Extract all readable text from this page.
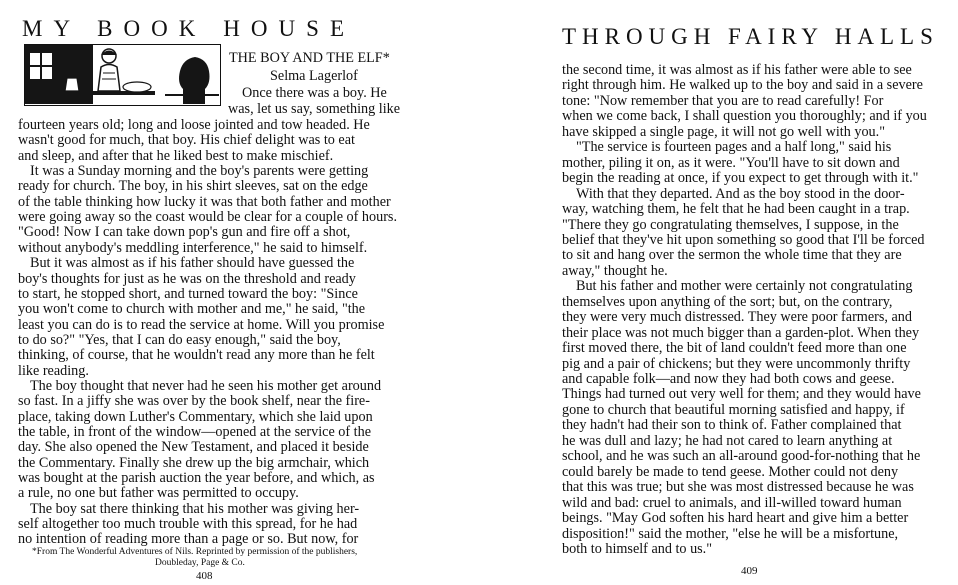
MY BOOK HOUSE
THE BOY AND THE ELF*
Selma Lagerlof
Once there was a boy. He
was, let us say, something like
fourteen years old; long and loose jointed and tow headed. He
wasn't good for much, that boy. His chief delight was to eat
and sleep, and after that he liked best to make mischief.
It was a Sunday morning and the boy's parents were getting
ready for church. The boy, in his shirt sleeves, sat on the edge
of the table thinking how lucky it was that both father and mother
were going away so the coast would be clear for a couple of hours.
"Good! Now I can take down pop's gun and fire off a shot,
without anybody's meddling interference," he said to himself.
But it was almost as if his father should have guessed the
boy's thoughts for just as he was on the threshold and ready
to start, he stopped short, and turned toward the boy: "Since
you won't come to church with mother and me," he said, "the
least you can do is to read the service at home. Will you promise
to do so?" "Yes, that I can do easy enough," said the boy,
thinking, of course, that he wouldn't read any more than he felt
like reading.
The boy thought that never had he seen his mother get around
so fast. In a jiffy she was over by the book shelf, near the fire-
place, taking down Luther's Commentary, which she laid upon
the table, in front of the window—opened at the service of the
day. She also opened the New Testament, and placed it beside
the Commentary. Finally she drew up the big armchair, which
was bought at the parish auction the year before, and which, as
a rule, no one but father was permitted to occupy.
The boy sat there thinking that his mother was giving her-
self altogether too much trouble with this spread, for he had
no intention of reading more than a page or so. But now, for
*From The Wonderful Adventures of Nils. Reprinted by permission of the publishers,
Doubleday, Page & Co.
408
THROUGH FAIRY HALLS
the second time, it was almost as if his father were able to see
right through him. He walked up to the boy and said in a severe
tone: "Now remember that you are to read carefully! For
when we come back, I shall question you thoroughly; and if you
have skipped a single page, it will not go well with you."
"The service is fourteen pages and a half long," said his
mother, piling it on, as it were. "You'll have to sit down and
begin the reading at once, if you expect to get through with it."
With that they departed. And as the boy stood in the door-
way, watching them, he felt that he had been caught in a trap.
"There they go congratulating themselves, I suppose, in the
belief that they've hit upon something so good that I'll be forced
to sit and hang over the sermon the whole time that they are
away," thought he.
But his father and mother were certainly not congratulating
themselves upon anything of the sort; but, on the contrary,
they were very much distressed. They were poor farmers, and
their place was not much bigger than a garden-plot. When they
first moved there, the bit of land couldn't feed more than one
pig and a pair of chickens; but they were uncommonly thrifty
and capable folk—and now they had both cows and geese.
Things had turned out very well for them; and they would have
gone to church that beautiful morning satisfied and happy, if
they hadn't had their son to think of. Father complained that
he was dull and lazy; he had not cared to learn anything at
school, and he was such an all-around good-for-nothing that he
could barely be made to tend geese. Mother could not deny
that this was true; but she was most distressed because he was
wild and bad: cruel to animals, and ill-willed toward human
beings. "May God soften his hard heart and give him a better
disposition!" said the mother, "else he will be a misfortune,
both to himself and to us."
409
